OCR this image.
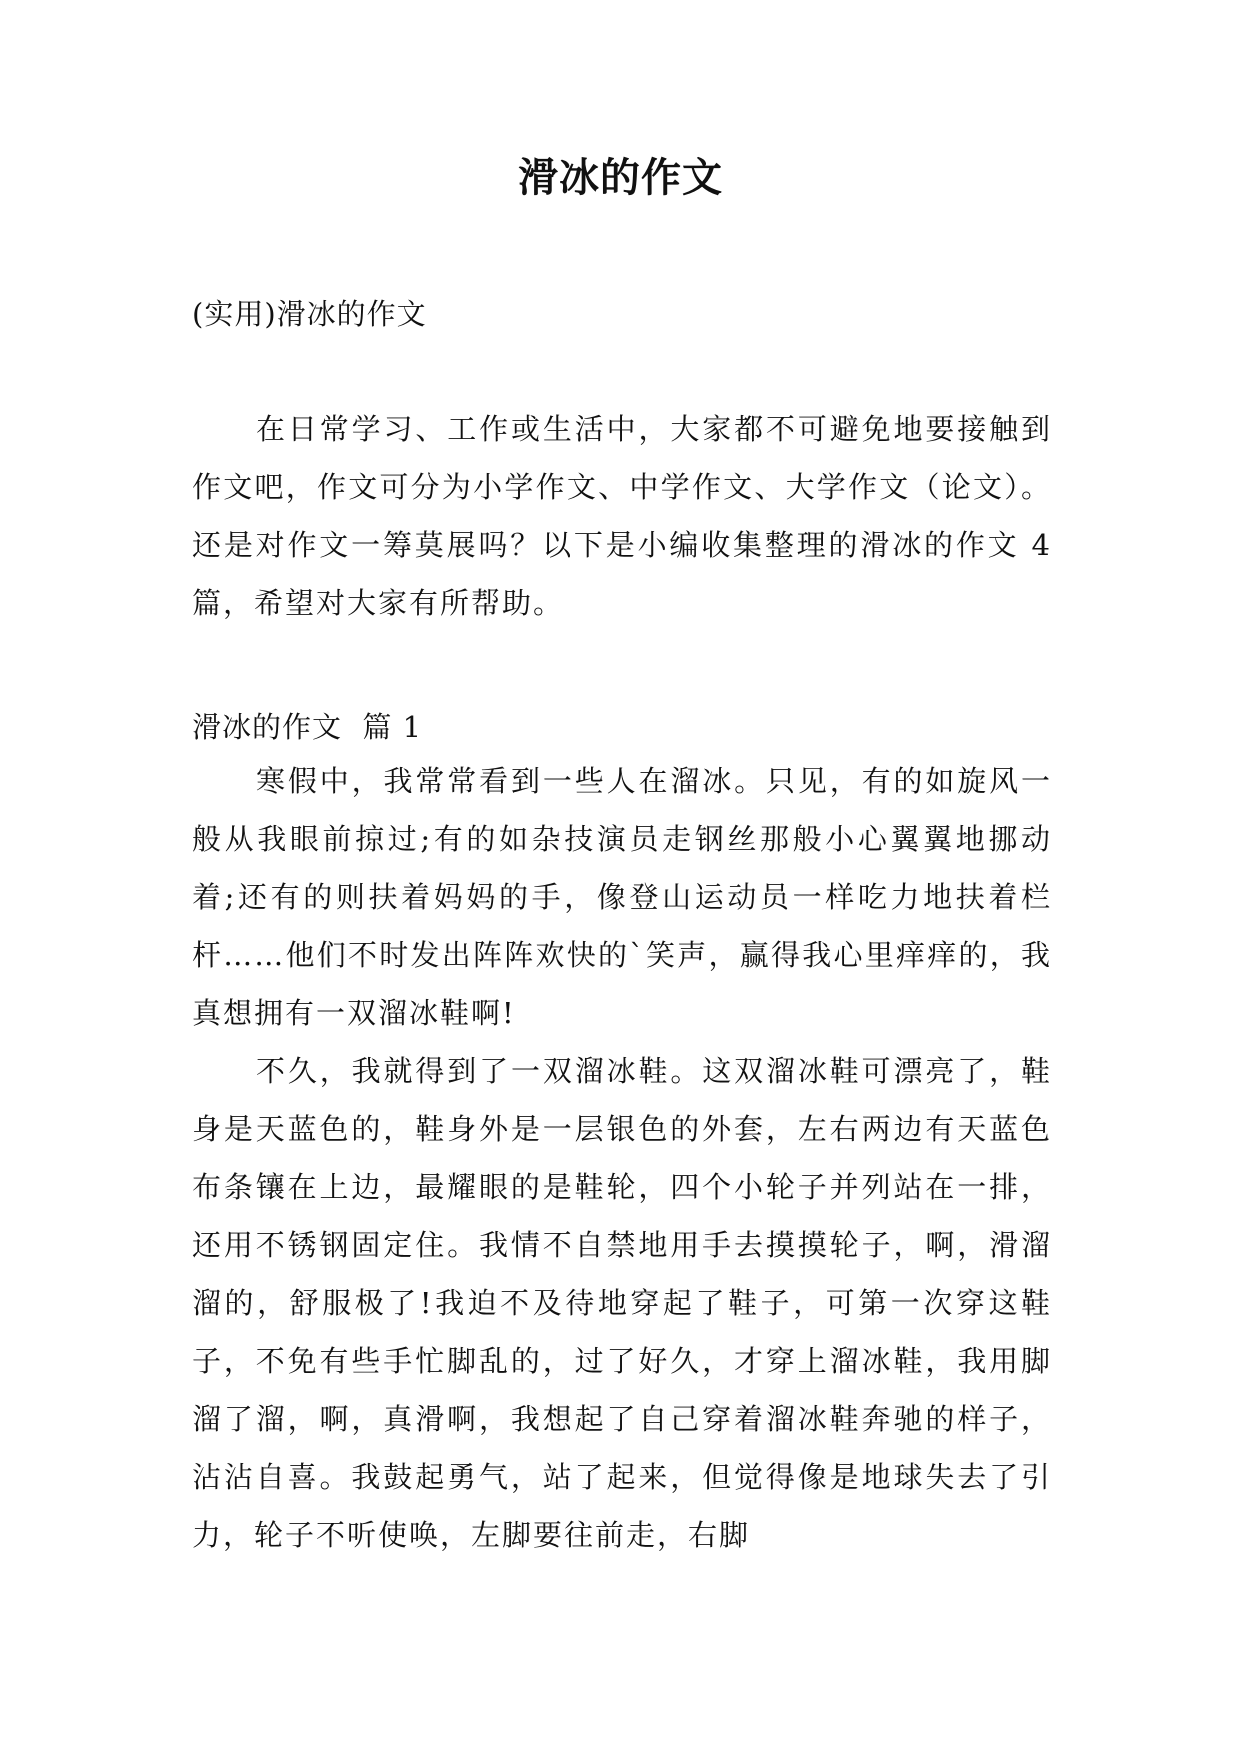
滑冰的作文
(实用)滑冰的作文

在日常学习、工作或生活中，大家都不可避免地要接触到作文吧，作文可分为小学作文、中学作文、大学作文（论文）。还是对作文一筹莫展吗？以下是小编收集整理的滑冰的作文 4 篇，希望对大家有所帮助。

滑冰的作文  篇 1

寒假中，我常常看到一些人在溜冰。只见，有的如旋风一般从我眼前掠过;有的如杂技演员走钢丝那般小心翼翼地挪动着;还有的则扶着妈妈的手，像登山运动员一样吃力地扶着栏杆……他们不时发出阵阵欢快的`笑声，赢得我心里痒痒的，我真想拥有一双溜冰鞋啊!

不久，我就得到了一双溜冰鞋。这双溜冰鞋可漂亮了，鞋身是天蓝色的，鞋身外是一层银色的外套，左右两边有天蓝色布条镶在上边，最耀眼的是鞋轮，四个小轮子并列站在一排，还用不锈钢固定住。我情不自禁地用手去摸摸轮子，啊，滑溜溜的，舒服极了!我迫不及待地穿起了鞋子，可第一次穿这鞋子，不免有些手忙脚乱的，过了好久，才穿上溜冰鞋，我用脚溜了溜，啊，真滑啊，我想起了自己穿着溜冰鞋奔驰的样子，沾沾自喜。我鼓起勇气，站了起来，但觉得像是地球失去了引力，轮子不听使唤，左脚要往前走，右脚
